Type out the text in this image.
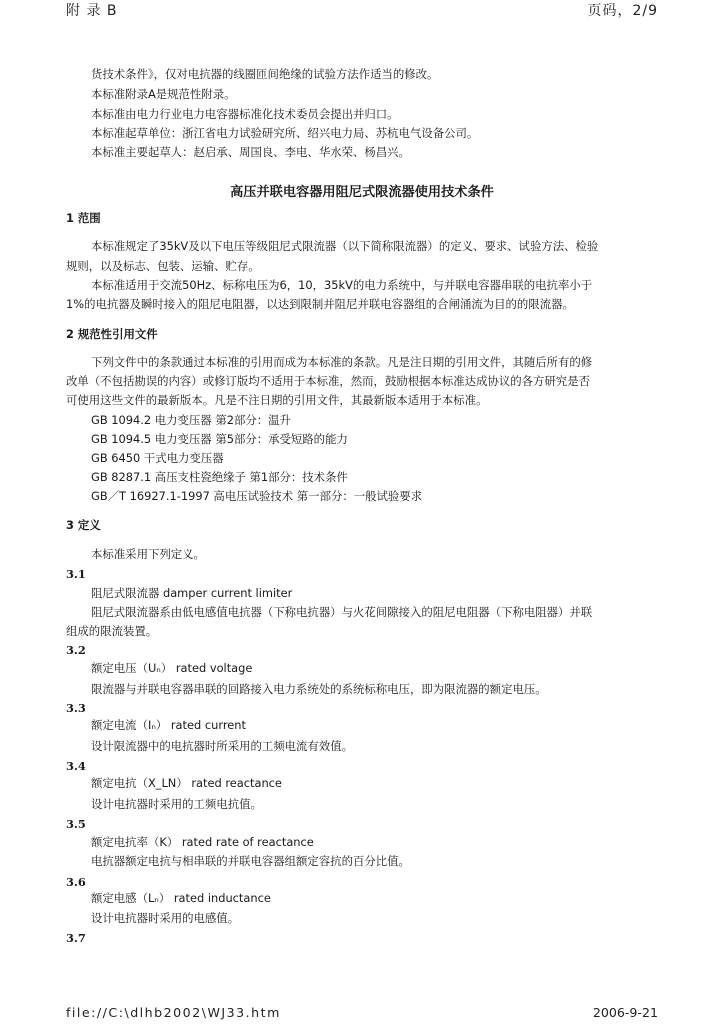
附 录 B	页码，2/9
货技术条件》，仅对电抗器的线圈匝间绝缘的试验方法作适当的修改。
本标准附录A是规范性附录。
本标准由电力行业电力电容器标准化技术委员会提出并归口。
本标准起草单位：浙江省电力试验研究所、绍兴电力局、苏杭电气设备公司。
本标准主要起草人：赵启承、周国良、李电、华水荣、杨昌兴。
高压并联电容器用阻尼式限流器使用技术条件
1 范围
本标准规定了35kV及以下电压等级阻尼式限流器（以下简称限流器）的定义、要求、试验方法、检验
规则，以及标志、包装、运输、贮存。
本标准适用于交流50Hz、标称电压为6，10，35kV的电力系统中，与并联电容器串联的电抗率小于
1%的电抗器及瞬时接入的阻尼电阻器，以达到限制并阻尼并联电容器组的合闸涌流为目的的限流器。
2 规范性引用文件
下列文件中的条款通过本标准的引用而成为本标准的条款。凡是注日期的引用文件，其随后所有的修
改单（不包括勘误的内容）或修订版均不适用于本标准，然而，鼓励根据本标准达成协议的各方研究是否
可使用这些文件的最新版本。凡是不注日期的引用文件，其最新版本适用于本标准。
GB 1094.2 电力变压器 第2部分：温升
GB 1094.5 电力变压器 第5部分：承受短路的能力
GB 6450 干式电力变压器
GB 8287.1 高压支柱瓷绝缘子 第1部分：技术条件
GB／T 16927.1-1997 高电压试验技术 第一部分：一般试验要求
3 定义
本标准采用下列定义。
3.1
阻尼式限流器 damper current limiter
阻尼式限流器系由低电感值电抗器（下称电抗器）与火花间隙接入的阻尼电阻器（下称电阻器）并联
组成的限流装置。
3.2
额定电压（Uₙ） rated voltage
限流器与并联电容器串联的回路接入电力系统处的系统标称电压，即为限流器的额定电压。
3.3
额定电流（Iₙ） rated current
设计限流器中的电抗器时所采用的工频电流有效值。
3.4
额定电抗（X_LN） rated reactance
设计电抗器时采用的工频电抗值。
3.5
额定电抗率（K） rated rate of reactance
电抗器额定电抗与相串联的并联电容器组额定容抗的百分比值。
3.6
额定电感（Lₙ） rated inductance
设计电抗器时采用的电感值。
3.7
file://C:\dlhb2002\WJ33.htm	2006-9-21
